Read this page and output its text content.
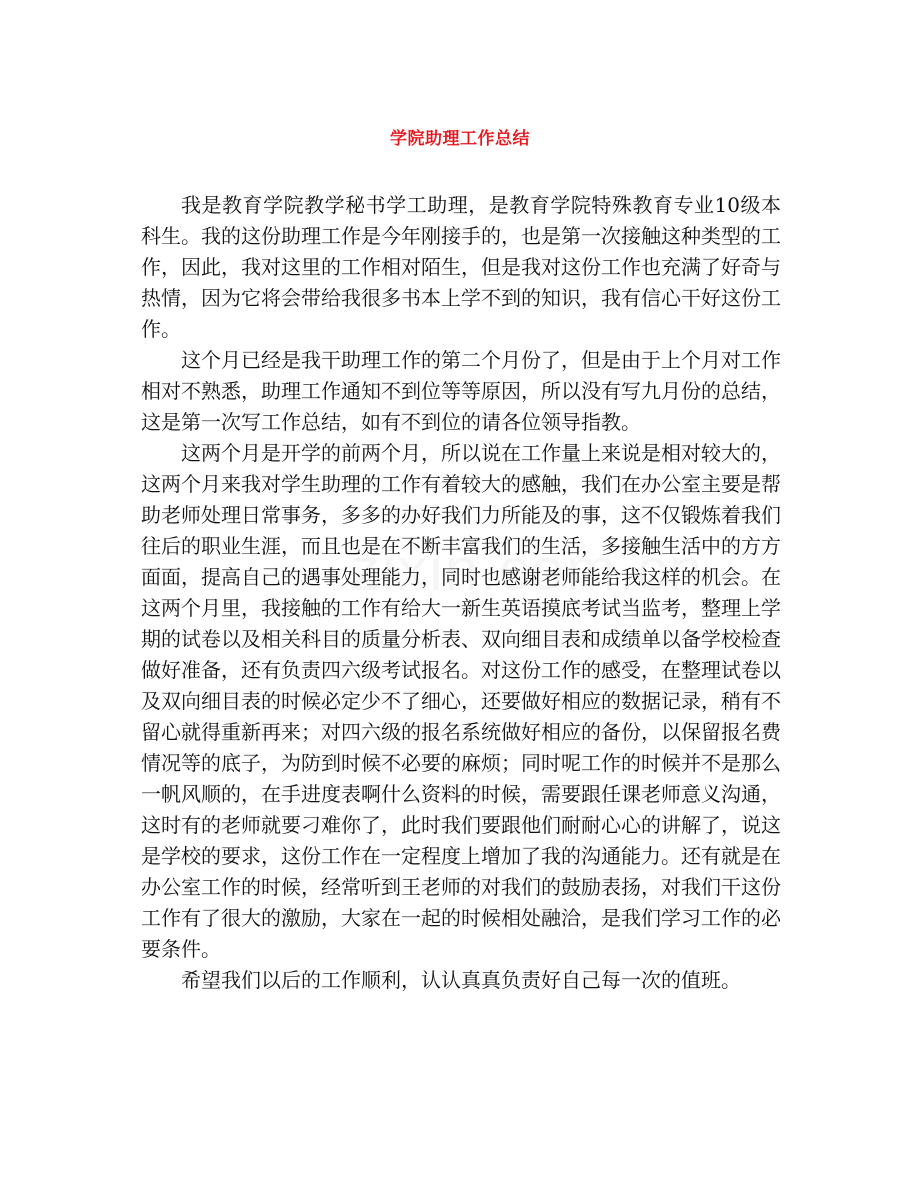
学院助理工作总结

我是教育学院教学秘书学工助理，是教育学院特殊教育专业10级本科生。我的这份助理工作是今年刚接手的，也是第一次接触这种类型的工作，因此，我对这里的工作相对陌生，但是我对这份工作也充满了好奇与热情，因为它将会带给我很多书本上学不到的知识，我有信心干好这份工作。

这个月已经是我干助理工作的第二个月份了，但是由于上个月对工作相对不熟悉，助理工作通知不到位等等原因，所以没有写九月份的总结，这是第一次写工作总结，如有不到位的请各位领导指教。

这两个月是开学的前两个月，所以说在工作量上来说是相对较大的，这两个月来我对学生助理的工作有着较大的感触，我们在办公室主要是帮助老师处理日常事务，多多的办好我们力所能及的事，这不仅锻炼着我们往后的职业生涯，而且也是在不断丰富我们的生活，多接触生活中的方方面面，提高自己的遇事处理能力，同时也感谢老师能给我这样的机会。在这两个月里，我接触的工作有给大一新生英语摸底考试当监考，整理上学期的试卷以及相关科目的质量分析表、双向细目表和成绩单以备学校检查做好准备，还有负责四六级考试报名。对这份工作的感受，在整理试卷以及双向细目表的时候必定少不了细心，还要做好相应的数据记录，稍有不留心就得重新再来；对四六级的报名系统做好相应的备份，以保留报名费情况等的底子，为防到时候不必要的麻烦；同时呢工作的时候并不是那么一帆风顺的，在手进度表啊什么资料的时候，需要跟任课老师意义沟通，这时有的老师就要刁难你了，此时我们要跟他们耐耐心心的讲解了，说这是学校的要求，这份工作在一定程度上增加了我的沟通能力。还有就是在办公室工作的时候，经常听到王老师的对我们的鼓励表扬，对我们干这份工作有了很大的激励，大家在一起的时候相处融洽，是我们学习工作的必要条件。

希望我们以后的工作顺利，认认真真负责好自己每一次的值班。
